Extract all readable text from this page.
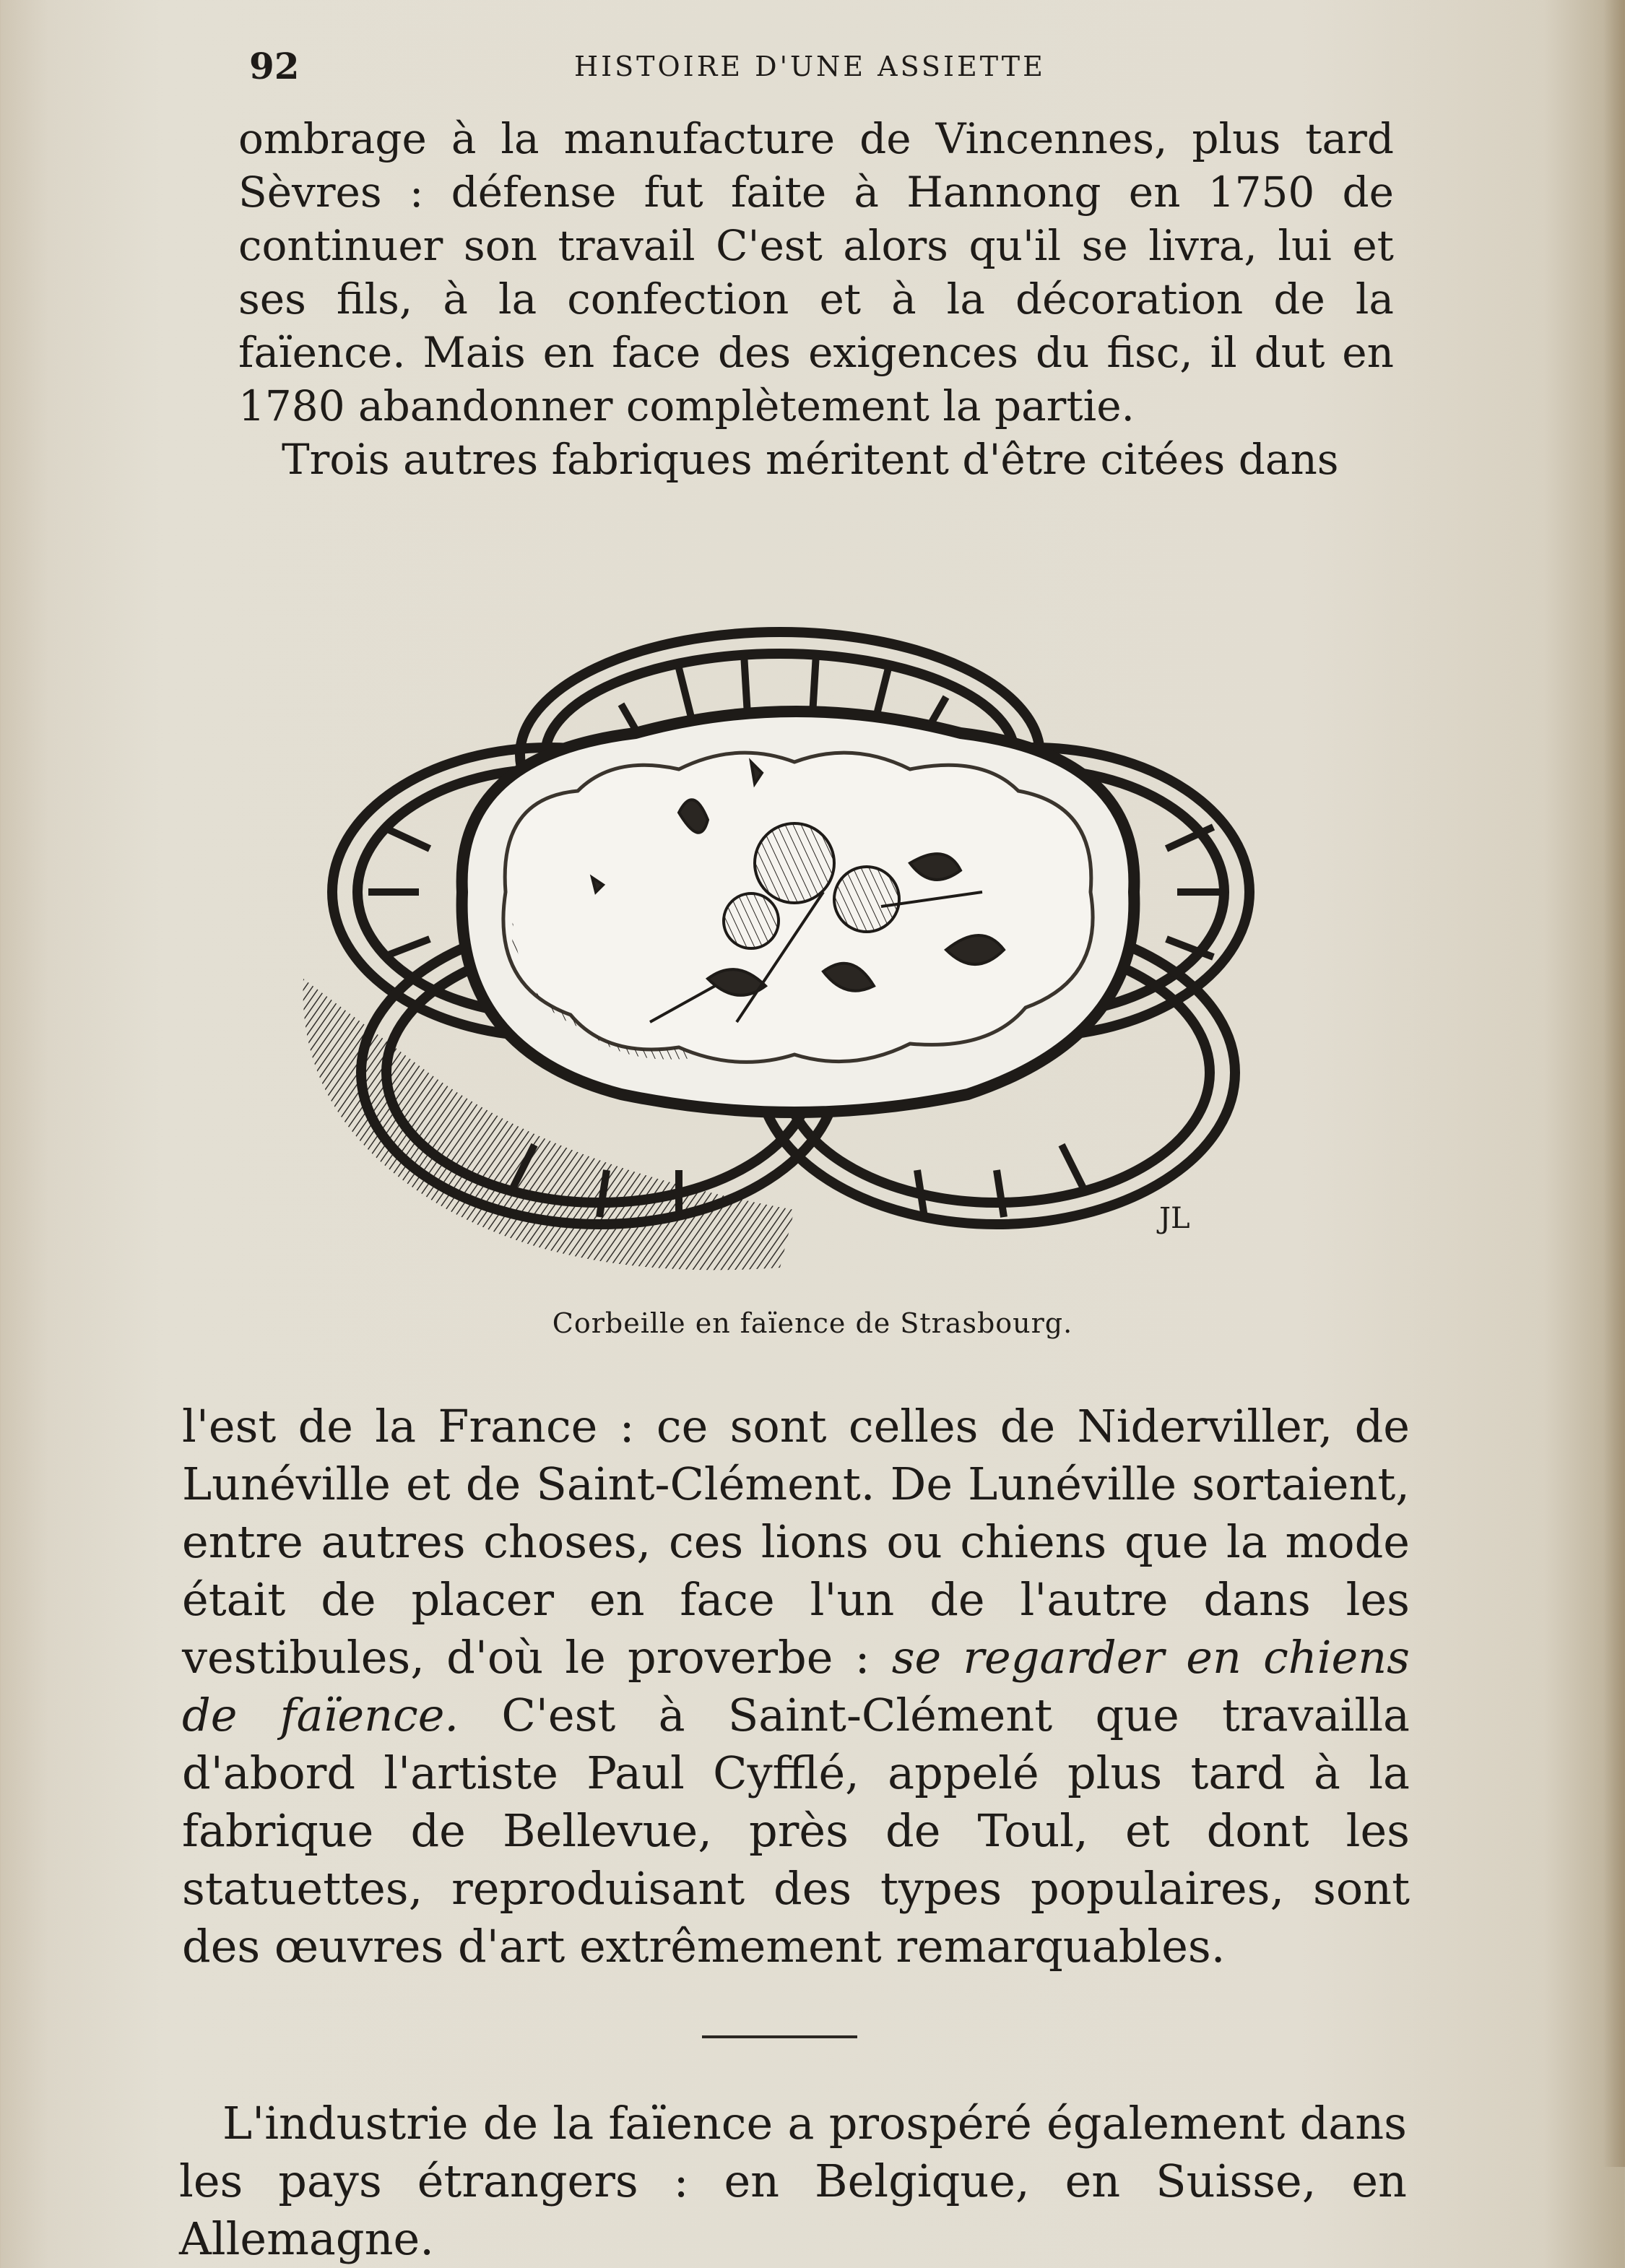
92	HISTOIRE D'UNE ASSIETTE

ombrage à la manufacture de Vincennes, plus tard Sèvres : défense fut faite à Hannong en 1750 de continuer son travail C'est alors qu'il se livra, lui et ses fils, à la confection et à la décoration de la faïence. Mais en face des exigences du fisc, il dut en 1780 abandonner complètement la partie.

Trois autres fabriques méritent d'être citées dans

JL
Corbeille en faïence de Strasbourg.

l'est de la France : ce sont celles de Niderviller, de Lunéville et de Saint-Clément. De Lunéville sortaient, entre autres choses, ces lions ou chiens que la mode était de placer en face l'un de l'autre dans les vestibules, d'où le proverbe : se regarder en chiens de faïence. C'est à Saint-Clément que travailla d'abord l'artiste Paul Cyfflé, appelé plus tard à la fabrique de Bellevue, près de Toul, et dont les statuettes, reproduisant des types populaires, sont des œuvres d'art extrêmement remarquables.

L'industrie de la faïence a prospéré également dans les pays étrangers : en Belgique, en Suisse, en Allemagne.
